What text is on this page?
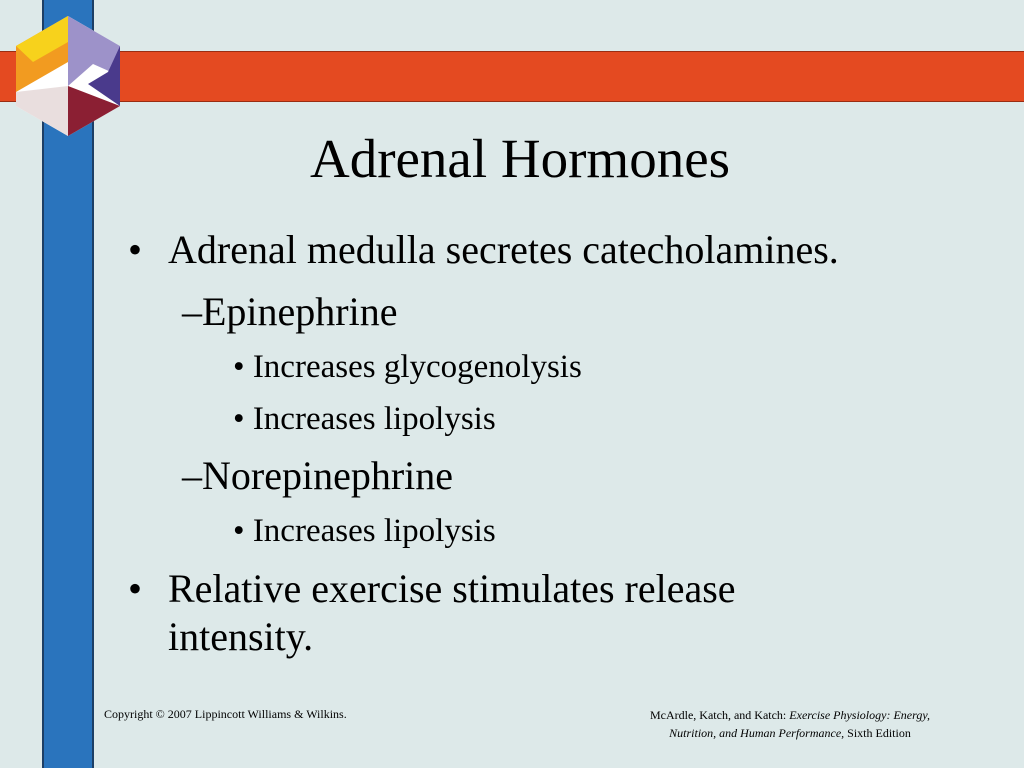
Adrenal Hormones
• Adrenal medulla secretes catecholamines.
–Epinephrine
• Increases glycogenolysis
• Increases lipolysis
–Norepinephrine
• Increases lipolysis
• Relative exercise stimulates release
intensity.
Copyright © 2007 Lippincott Williams & Wilkins.	McArdle, Katch, and Katch: Exercise Physiology: Energy,
Nutrition, and Human Performance, Sixth Edition
